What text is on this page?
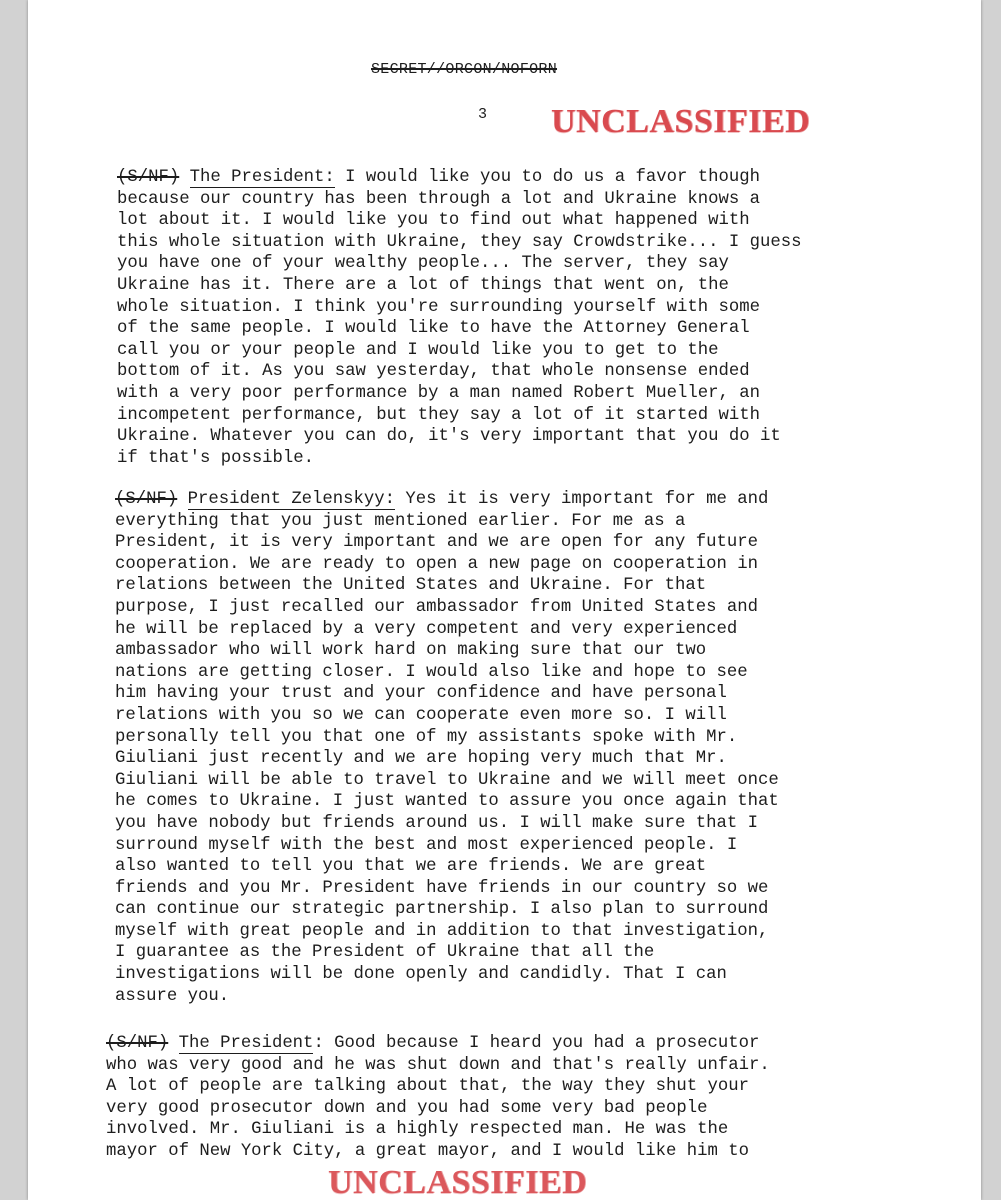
SECRET//ORCON/NOFORN
3 UNCLASSIFIED

(S/NF) The President: I would like you to do us a favor though
because our country has been through a lot and Ukraine knows a
lot about it. I would like you to find out what happened with
this whole situation with Ukraine, they say Crowdstrike... I guess
you have one of your wealthy people... The server, they say
Ukraine has it. There are a lot of things that went on, the
whole situation. I think you're surrounding yourself with some
of the same people. I would like to have the Attorney General
call you or your people and I would like you to get to the
bottom of it. As you saw yesterday, that whole nonsense ended
with a very poor performance by a man named Robert Mueller, an
incompetent performance, but they say a lot of it started with
Ukraine. Whatever you can do, it's very important that you do it
if that's possible.

(S/NF) President Zelenskyy: Yes it is very important for me and
everything that you just mentioned earlier. For me as a
President, it is very important and we are open for any future
cooperation. We are ready to open a new page on cooperation in
relations between the United States and Ukraine. For that
purpose, I just recalled our ambassador from United States and
he will be replaced by a very competent and very experienced
ambassador who will work hard on making sure that our two
nations are getting closer. I would also like and hope to see
him having your trust and your confidence and have personal
relations with you so we can cooperate even more so. I will
personally tell you that one of my assistants spoke with Mr.
Giuliani just recently and we are hoping very much that Mr.
Giuliani will be able to travel to Ukraine and we will meet once
he comes to Ukraine. I just wanted to assure you once again that
you have nobody but friends around us. I will make sure that I
surround myself with the best and most experienced people. I
also wanted to tell you that we are friends. We are great
friends and you Mr. President have friends in our country so we
can continue our strategic partnership. I also plan to surround
myself with great people and in addition to that investigation,
I guarantee as the President of Ukraine that all the
investigations will be done openly and candidly. That I can
assure you.

(S/NF) The President: Good because I heard you had a prosecutor
who was very good and he was shut down and that's really unfair.
A lot of people are talking about that, the way they shut your
very good prosecutor down and you had some very bad people
involved. Mr. Giuliani is a highly respected man. He was the
mayor of New York City, a great mayor, and I would like him to

UNCLASSIFIED
